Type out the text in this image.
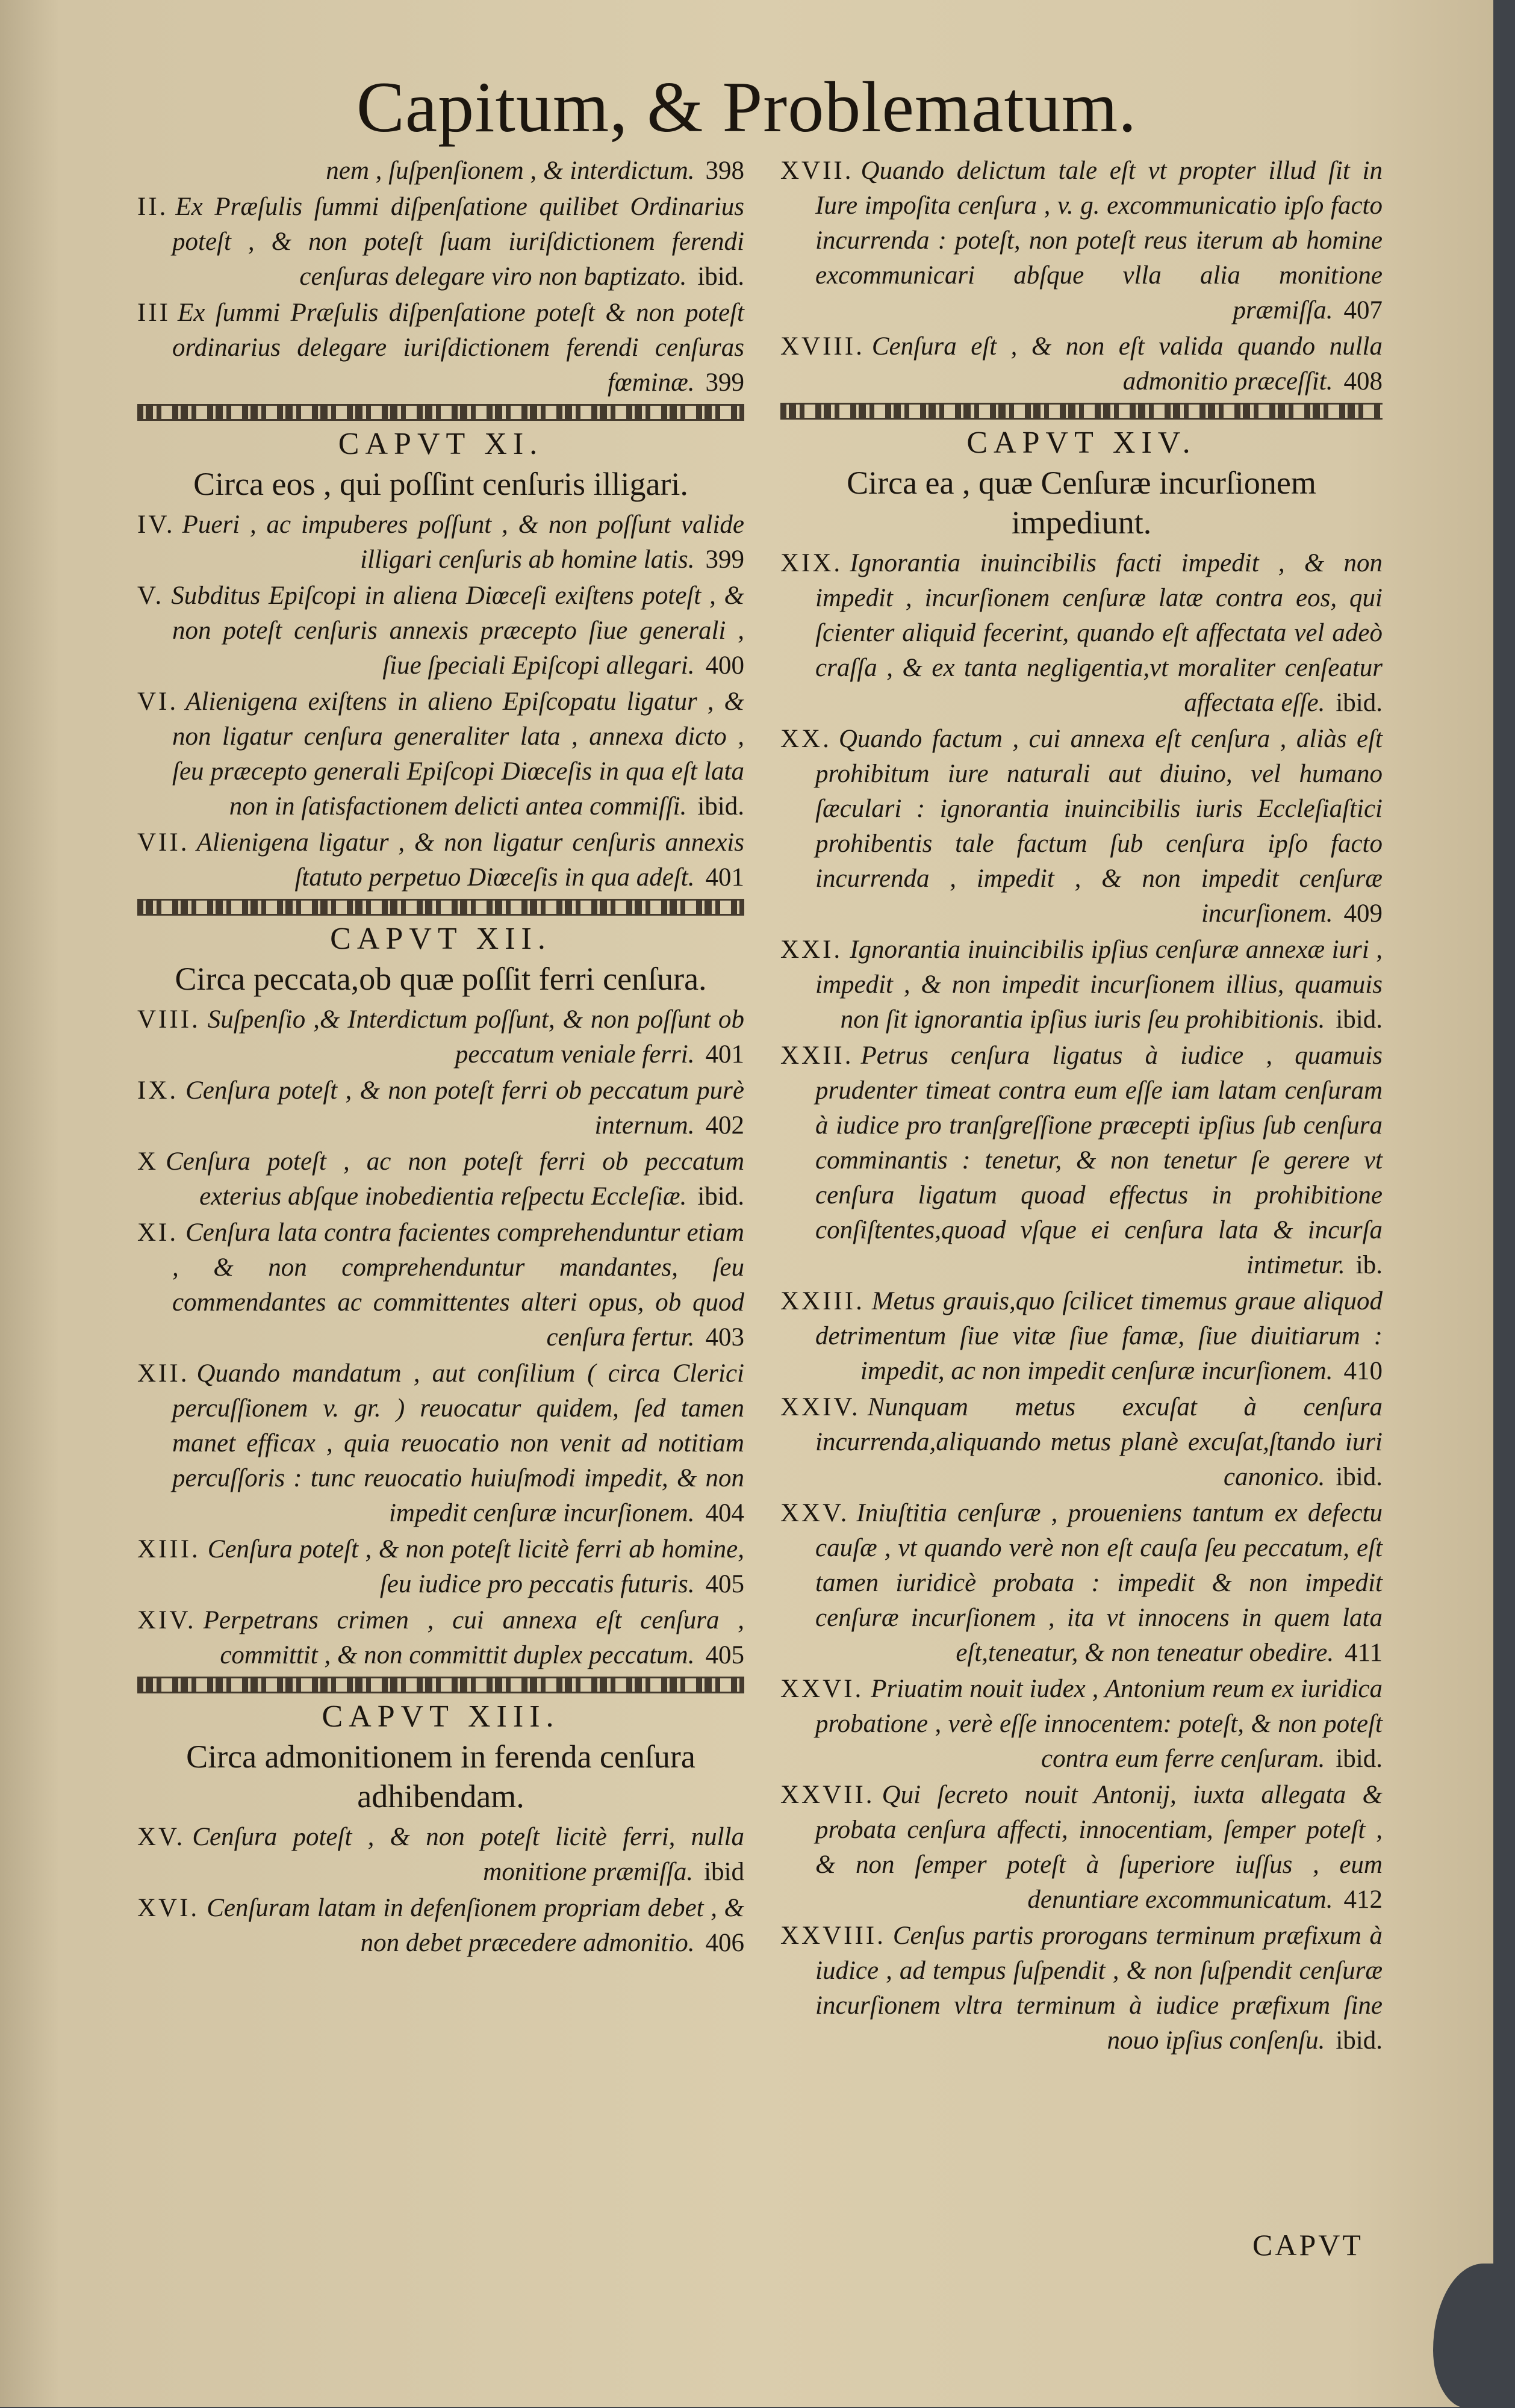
Capitum, & Problematum.
nem , ſuſpenſionem , & interdictum. 398
II. Ex Præſulis ſummi diſpenſatione quilibet Ordinarius poteſt , & non poteſt ſuam iuriſdictionem ferendi cenſuras delegare viro non baptizato. ibid.
III Ex ſummi Præſulis diſpenſatione poteſt & non poteſt ordinarius delegare iuriſdictionem ferendi cenſuras fœminæ. 399
CAPVT XI.
Circa eos , qui poſſint cenſuris illigari.
IV. Pueri , ac impuberes poſſunt , & non poſſunt valide illigari cenſuris ab homine latis. 399
V. Subditus Epiſcopi in aliena Diœceſi exiſtens poteſt , & non poteſt cenſuris annexis præcepto ſiue generali , ſiue ſpeciali Epiſcopi allegari. 400
VI. Alienigena exiſtens in alieno Epiſcopatu ligatur , & non ligatur cenſura generaliter lata , annexa dicto , ſeu præcepto generali Epiſcopi Diœceſis in qua eſt lata non in ſatisfactionem delicti antea commiſſi. ibid.
VII. Alienigena ligatur , & non ligatur cenſuris annexis ſtatuto perpetuo Diœceſis in qua adeſt. 401
CAPVT XII.
Circa peccata,ob quæ poſſit ferri cenſura.
VIII. Suſpenſio ,& Interdictum poſſunt, & non poſſunt ob peccatum veniale ferri. 401
IX. Cenſura poteſt , & non poteſt ferri ob peccatum purè internum. 402
X Cenſura poteſt , ac non poteſt ferri ob peccatum exterius abſque inobedientia reſpectu Eccleſiæ. ibid.
XI. Cenſura lata contra facientes comprehenduntur etiam , & non comprehenduntur mandantes, ſeu commendantes ac committentes alteri opus, ob quod cenſura fertur. 403
XII. Quando mandatum , aut conſilium ( circa Clerici percuſſionem v. gr. ) reuocatur quidem, ſed tamen manet efficax , quia reuocatio non venit ad notitiam percuſſoris : tunc reuocatio huiuſmodi impedit, & non impedit cenſuræ incurſionem. 404
XIII. Cenſura poteſt , & non poteſt licitè ferri ab homine, ſeu iudice pro peccatis futuris. 405
XIV. Perpetrans crimen , cui annexa eſt cenſura , committit , & non committit duplex peccatum. 405
CAPVT XIII.
Circa admonitionem in ferenda cenſura adhibendam.
XV. Cenſura poteſt , & non poteſt licitè ferri, nulla monitione præmiſſa. ibid
XVI. Cenſuram latam in defenſionem propriam debet , & non debet præcedere admonitio. 406
XVII. Quando delictum tale eſt vt propter illud ſit in Iure impoſita cenſura , v. g. excommunicatio ipſo facto incurrenda : poteſt, non poteſt reus iterum ab homine excommunicari abſque vlla alia monitione præmiſſa. 407
XVIII. Cenſura eſt , & non eſt valida quando nulla admonitio præceſſit. 408
CAPVT XIV.
Circa ea , quæ Cenſuræ incurſionem impediunt.
XIX. Ignorantia inuincibilis facti impedit , & non impedit , incurſionem cenſuræ latæ contra eos, qui ſcienter aliquid fecerint, quando eſt affectata vel adeò craſſa , & ex tanta negligentia,vt moraliter cenſeatur affectata eſſe. ibid.
XX. Quando factum , cui annexa eſt cenſura , aliàs eſt prohibitum iure naturali aut diuino, vel humano ſæculari : ignorantia inuincibilis iuris Eccleſiaſtici prohibentis tale factum ſub cenſura ipſo facto incurrenda , impedit , & non impedit cenſuræ incurſionem. 409
XXI. Ignorantia inuincibilis ipſius cenſuræ annexæ iuri , impedit , & non impedit incurſionem illius, quamuis non ſit ignorantia ipſius iuris ſeu prohibitionis. ibid.
XXII. Petrus cenſura ligatus à iudice , quamuis prudenter timeat contra eum eſſe iam latam cenſuram à iudice pro tranſgreſſione præcepti ipſius ſub cenſura comminantis : tenetur, & non tenetur ſe gerere vt cenſura ligatum quoad effectus in prohibitione conſiſtentes,quoad vſque ei cenſura lata & incurſa intimetur. ib.
XXIII. Metus grauis,quo ſcilicet timemus graue aliquod detrimentum ſiue vitæ ſiue famæ, ſiue diuitiarum : impedit, ac non impedit cenſuræ incurſionem. 410
XXIV. Nunquam metus excuſat à cenſura incurrenda,aliquando metus planè excuſat,ſtando iuri canonico. ibid.
XXV. Iniuſtitia cenſuræ , proueniens tantum ex defectu cauſæ , vt quando verè non eſt cauſa ſeu peccatum, eſt tamen iuridicè probata : impedit & non impedit cenſuræ incurſionem , ita vt innocens in quem lata eſt,teneatur, & non teneatur obedire. 411
XXVI. Priuatim nouit iudex , Antonium reum ex iuridica probatione , verè eſſe innocentem: poteſt, & non poteſt contra eum ferre cenſuram. ibid.
XXVII. Qui ſecreto nouit Antonij, iuxta allegata & probata cenſura affecti, innocentiam, ſemper poteſt , & non ſemper poteſt à ſuperiore iuſſus , eum denuntiare excommunicatum. 412
XXVIII. Cenſus partis prorogans terminum præfixum à iudice , ad tempus ſuſpendit , & non ſuſpendit cenſuræ incurſionem vltra terminum à iudice præfixum ſine nouo ipſius conſenſu. ibid.
CAPVT
